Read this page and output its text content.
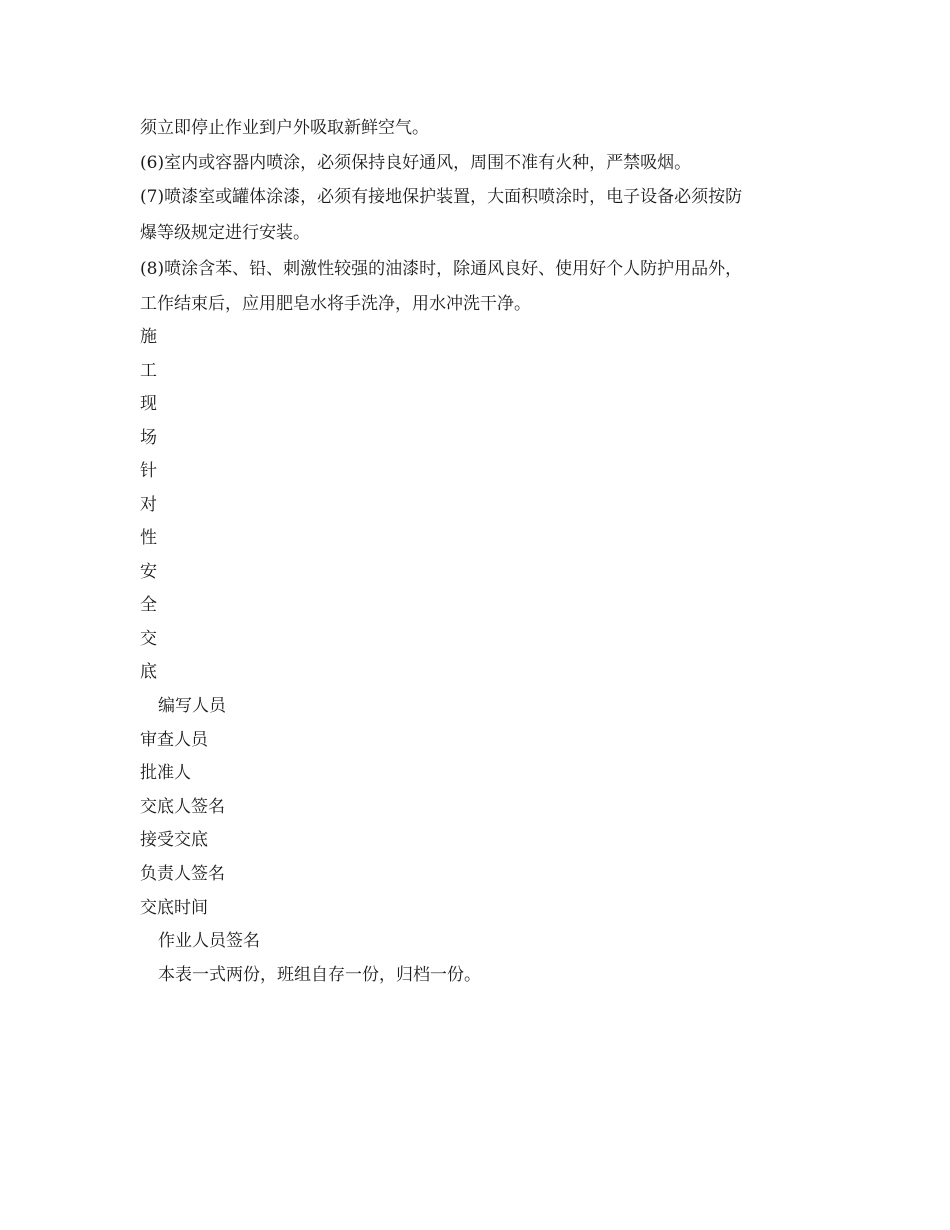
须立即停止作业到户外吸取新鲜空气。
(6)室内或容器内喷涂，必须保持良好通风，周围不准有火种，严禁吸烟。
(7)喷漆室或罐体涂漆，必须有接地保护装置，大面积喷涂时，电子设备必须按防
爆等级规定进行安装。
(8)喷涂含苯、铅、刺激性较强的油漆时，除通风良好、使用好个人防护用品外，
工作结束后，应用肥皂水将手洗净，用水冲洗干净。
施
工
现
场
针
对
性
安
全
交
底
编写人员
审查人员
批准人
交底人签名
接受交底
负责人签名
交底时间
作业人员签名
本表一式两份，班组自存一份，归档一份。
